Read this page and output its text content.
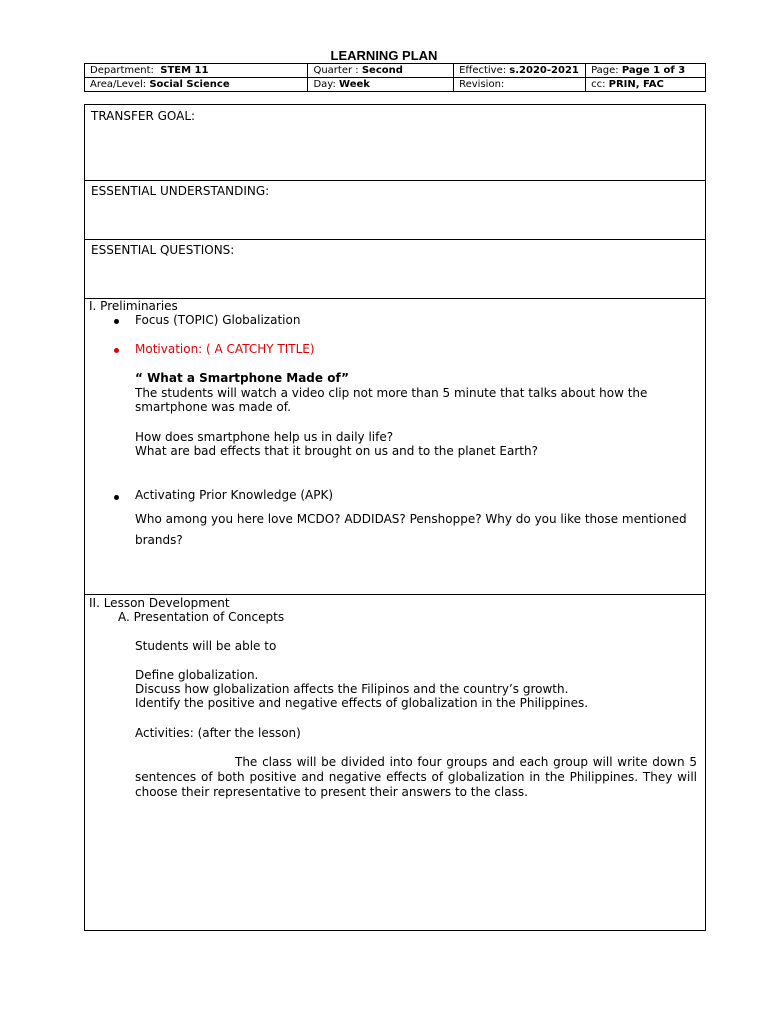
LEARNING PLAN
Department: STEM 11	Quarter : Second	Effective: s.2020-2021	Page: Page 1 of 3
Area/Level: Social Science	Day: Week	Revision:	cc: PRIN, FAC
TRANSFER GOAL:
ESSENTIAL UNDERSTANDING:
ESSENTIAL QUESTIONS:
I. Preliminaries
Focus (TOPIC) Globalization
Motivation: ( A CATCHY TITLE)
“ What a Smartphone Made of”
The students will watch a video clip not more than 5 minute that talks about how the
smartphone was made of.
How does smartphone help us in daily life?
What are bad effects that it brought on us and to the planet Earth?
Activating Prior Knowledge (APK)
Who among you here love MCDO? ADDIDAS? Penshoppe? Why do you like those mentioned
brands?
II. Lesson Development
A. Presentation of Concepts
Students will be able to
Define globalization.
Discuss how globalization affects the Filipinos and the country’s growth.
Identify the positive and negative effects of globalization in the Philippines.
Activities: (after the lesson)
The class will be divided into four groups and each group will write down 5 sentences of both positive and negative effects of globalization in the Philippines. They will choose their representative to present their answers to the class.
